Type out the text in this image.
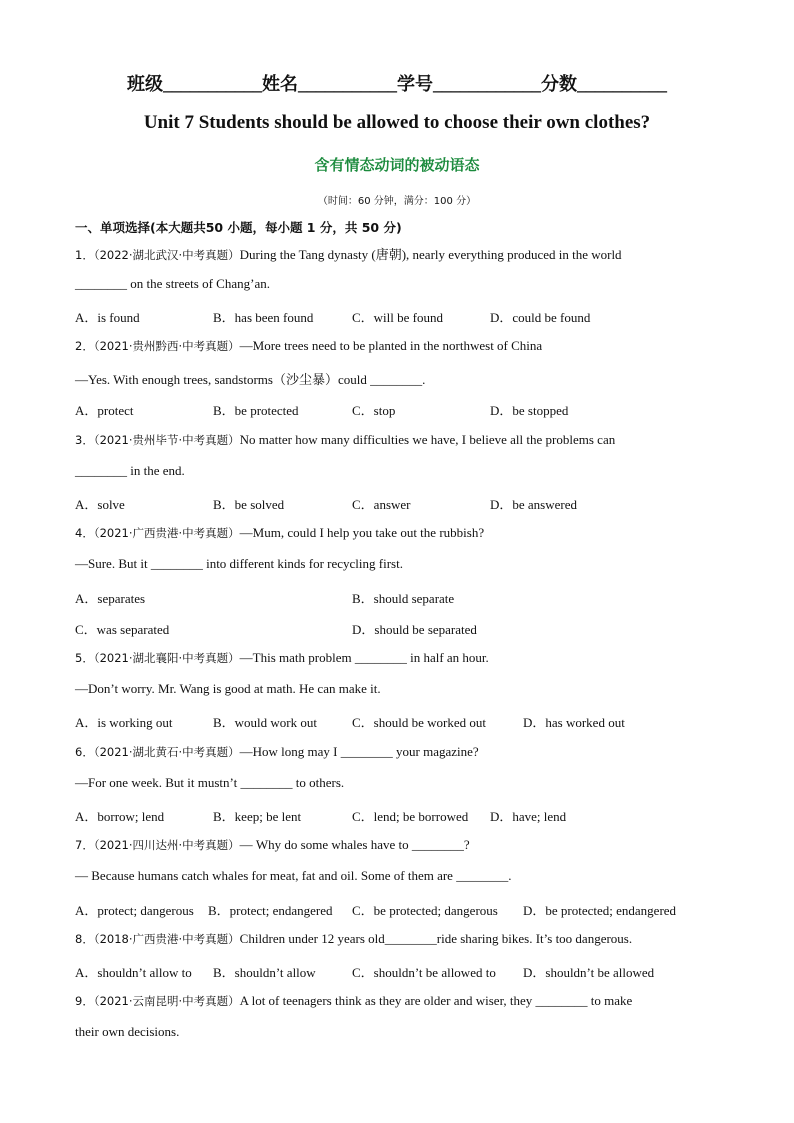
班级___________姓名___________学号____________分数__________
Unit 7 Students should be allowed to choose their own clothes?
含有情态动词的被动语态
（时间：60 分钟，满分：100 分）
一、单项选择(本大题共50 小题，每小题 1 分，共 50 分)
1．（2022·湖北武汉·中考真题）During the Tang dynasty (唐朝), nearly everything produced in the world
________ on the streets of Chang’an.
A．is found	B．has been found	C．will be found	D．could be found
2．（2021·贵州黔西·中考真题）—More trees need to be planted in the northwest of China
—Yes. With enough trees, sandstorms（沙尘暴）could ________.
A．protect	B．be protected	C．stop	D．be stopped
3．（2021·贵州毕节·中考真题）No matter how many difficulties we have, I believe all the problems can
________ in the end.
A．solve	B．be solved	C．answer	D．be answered
4．（2021·广西贵港·中考真题）—Mum, could I help you take out the rubbish?
—Sure. But it ________ into different kinds for recycling first.
A．separates	B．should separate
C．was separated	D．should be separated
5．（2021·湖北襄阳·中考真题）—This math problem ________ in half an hour.
—Don’t worry. Mr. Wang is good at math. He can make it.
A．is working out	B．would work out	C．should be worked out	D．has worked out
6．（2021·湖北黄石·中考真题）—How long may I ________ your magazine?
—For one week. But it mustn’t ________ to others.
A．borrow; lend	B．keep; be lent	C．lend; be borrowed D．have; lend
7．（2021·四川达州·中考真题）— Why do some whales have to ________?
— Because humans catch whales for meat, fat and oil. Some of them are ________.
A．protect; dangerous B．protect; endangered C．be protected; dangerous D．be protected; endangered
8．（2018·广西贵港·中考真题）Children under 12 years old________ride sharing bikes. It’s too dangerous.
A．shouldn’t allow to B．shouldn’t allow	C．shouldn’t be allowed to D．shouldn’t be allowed
9．（2021·云南昆明·中考真题）A lot of teenagers think as they are older and wiser, they ________ to make
their own decisions.
